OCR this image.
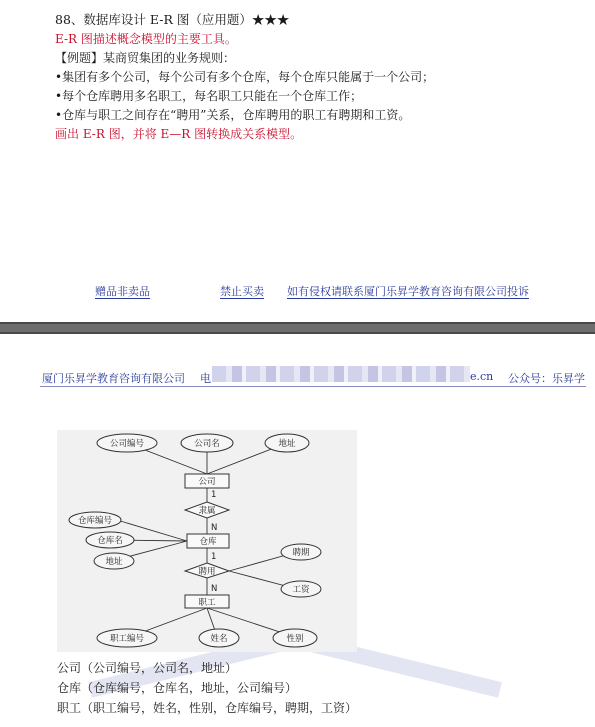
88、数据库设计 E-R 图（应用题）★★★
E-R 图描述概念模型的主要工具。
【例题】某商贸集团的业务规则：
•集团有多个公司，每个公司有多个仓库，每个仓库只能属于一个公司；
•每个仓库聘用多名职工，每名职工只能在一个仓库工作；
•仓库与职工之间存在“聘用”关系，仓库聘用的职工有聘期和工资。
画出 E-R 图，并将 E—R 图转换成关系模型。
赠品非卖品	禁止买卖 如有侵权请联系厦门乐昇学教育咨询有限公司投诉
厦门乐昇学教育咨询有限公司 电	e.cn 公众号：乐昇学
公司编号	公司名	地址
公司
1
隶属
N
仓库编号
仓库名
地址
仓库
1
聘用
N
聘期
工资
职工
职工编号	姓名	性别
公司（公司编号，公司名，地址）
仓库（仓库编号，仓库名，地址，公司编号）
职工（职工编号，姓名，性别，仓库编号，聘期，工资）
